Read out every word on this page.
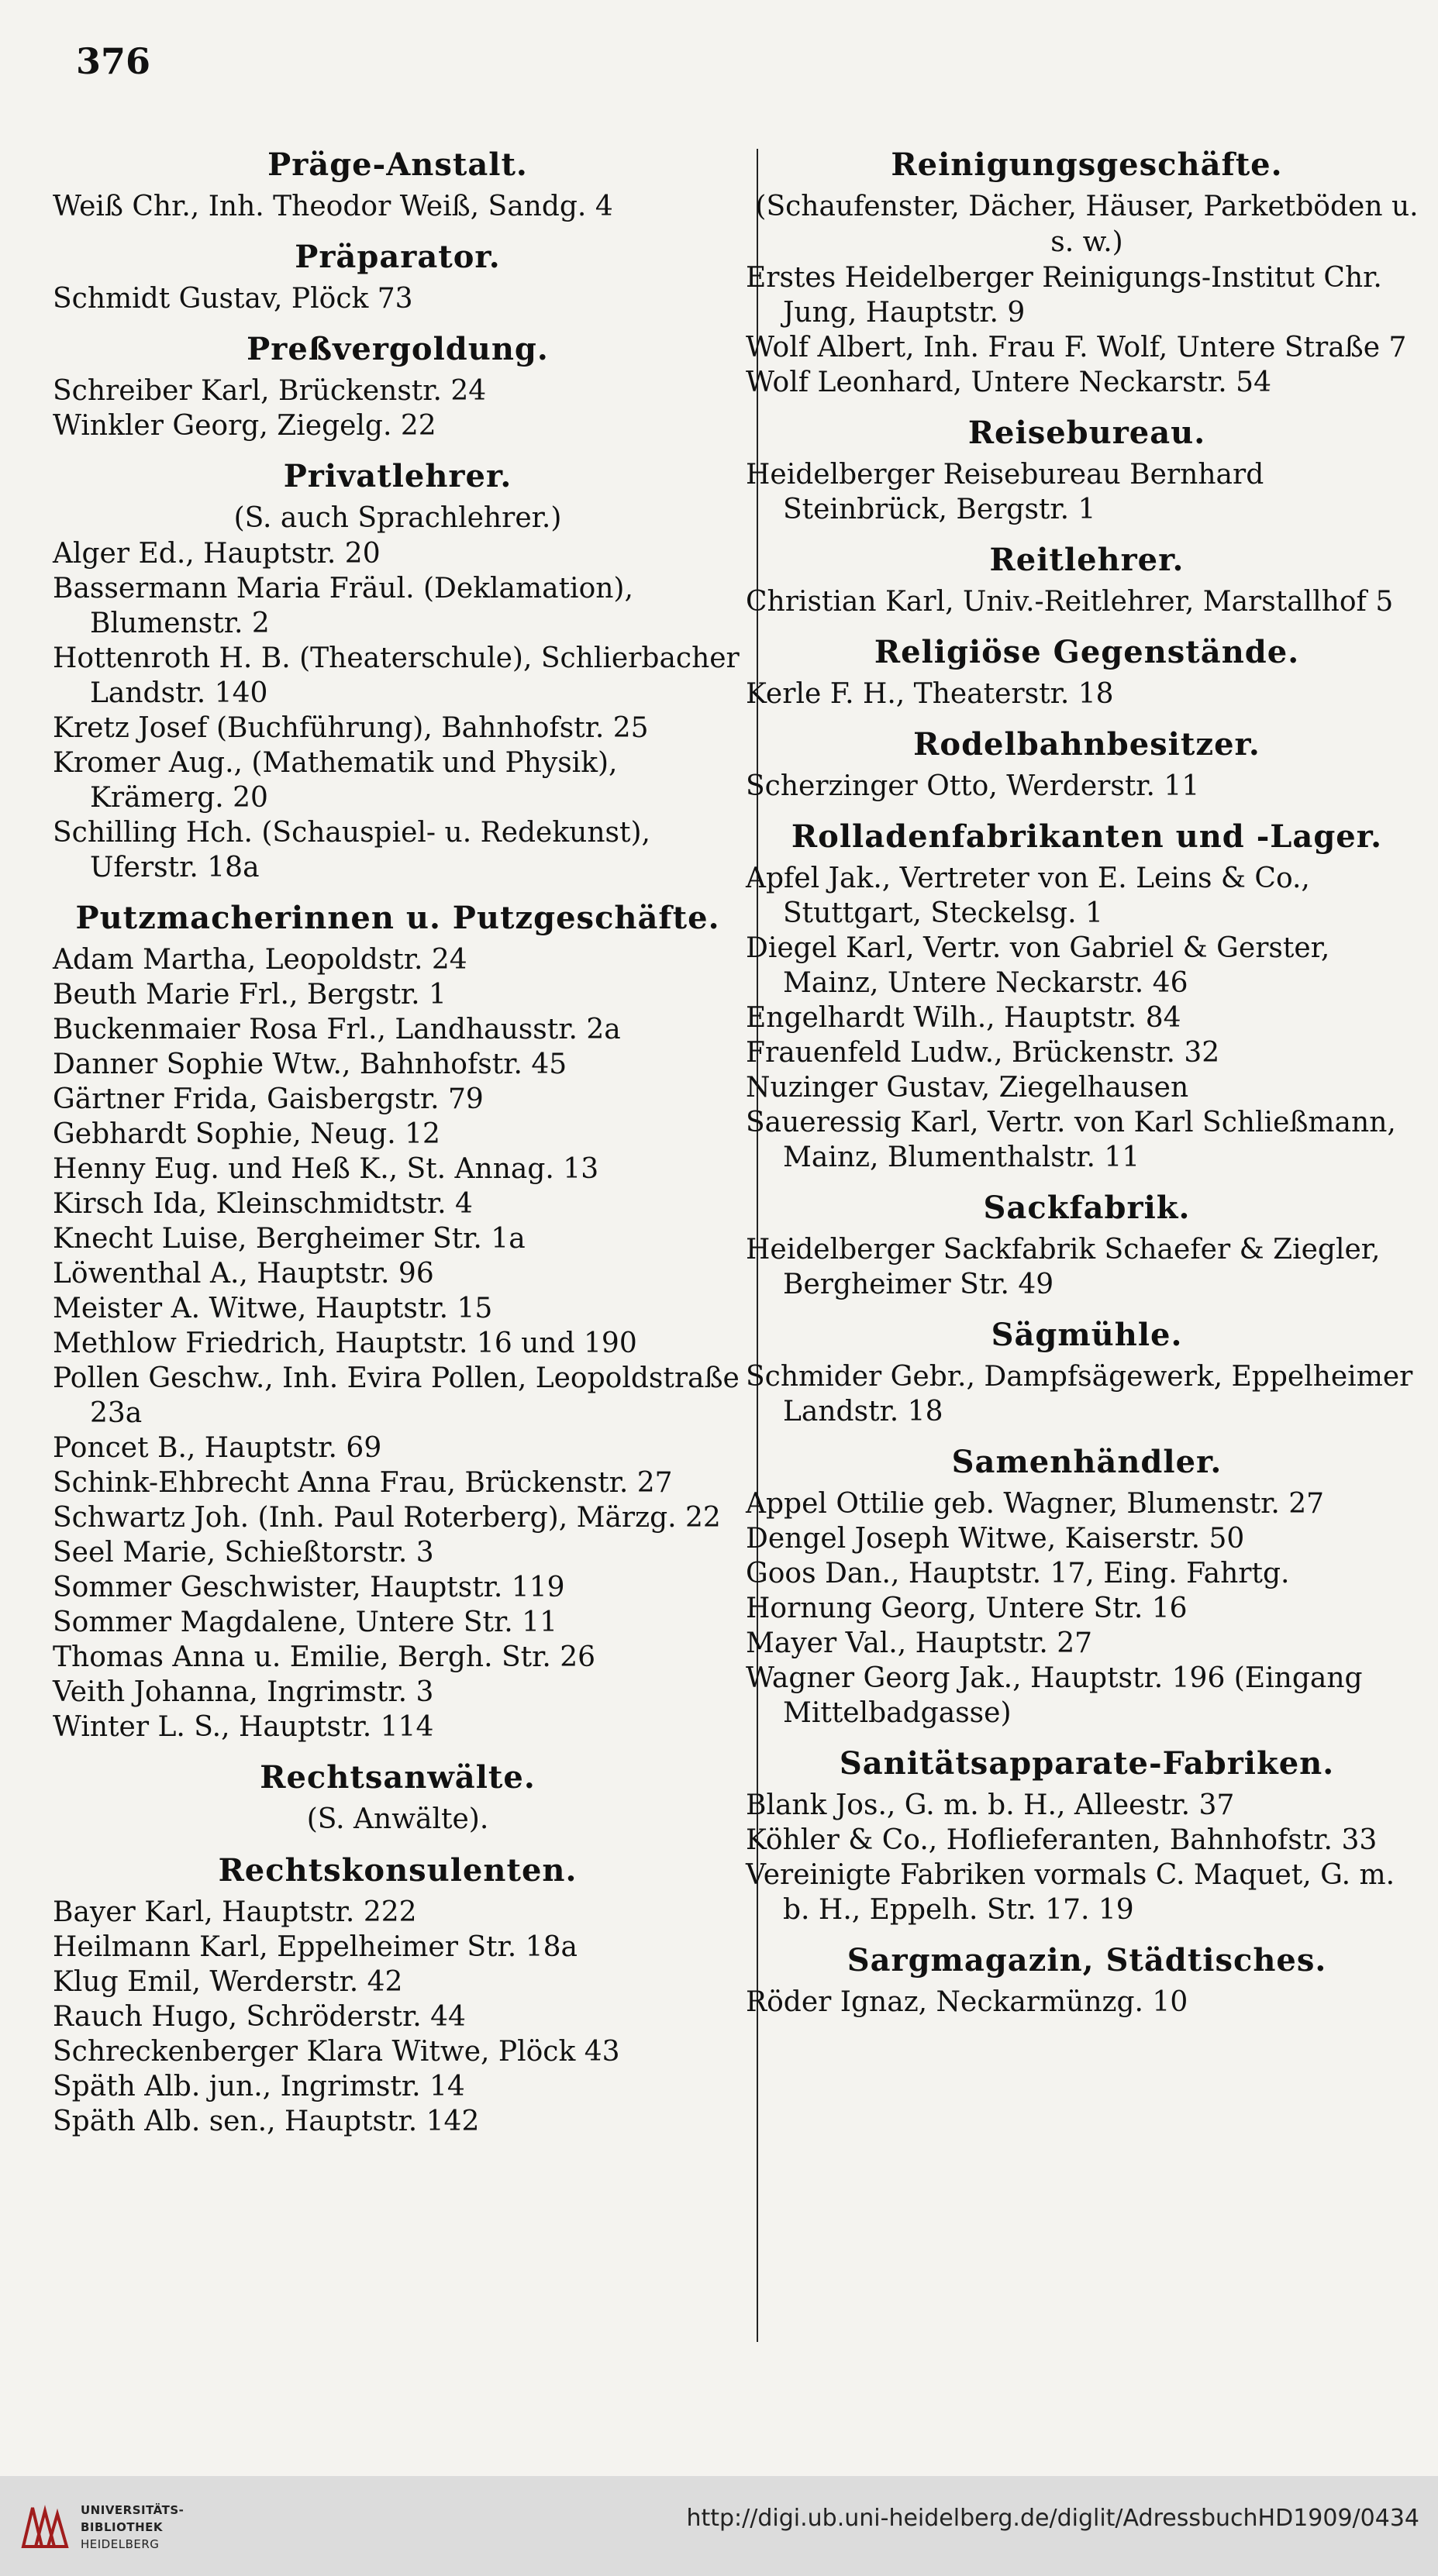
376
Präge-Anstalt.
Weiß Chr., Inh. Theodor Weiß, Sandg. 4
Präparator.
Schmidt Gustav, Plöck 73
Preßvergoldung.
Schreiber Karl, Brückenstr. 24
Winkler Georg, Ziegelg. 22
Privatlehrer.
(S. auch Sprachlehrer.)
Alger Ed., Hauptstr. 20
Bassermann Maria Fräul. (Deklamation), Blumenstr. 2
Hottenroth H. B. (Theaterschule), Schlierbacher Landstr. 140
Kretz Josef (Buchführung), Bahnhofstr. 25
Kromer Aug., (Mathematik und Physik), Krämerg. 20
Schilling Hch. (Schauspiel- u. Redekunst), Uferstr. 18a
Putzmacherinnen u. Putzgeschäfte.
Adam Martha, Leopoldstr. 24
Beuth Marie Frl., Bergstr. 1
Buckenmaier Rosa Frl., Landhausstr. 2a
Danner Sophie Wtw., Bahnhofstr. 45
Gärtner Frida, Gaisbergstr. 79
Gebhardt Sophie, Neug. 12
Henny Eug. und Heß K., St. Annag. 13
Kirsch Ida, Kleinschmidtstr. 4
Knecht Luise, Bergheimer Str. 1a
Löwenthal A., Hauptstr. 96
Meister A. Witwe, Hauptstr. 15
Methlow Friedrich, Hauptstr. 16 und 190
Pollen Geschw., Inh. Evira Pollen, Leopoldstraße 23a
Poncet B., Hauptstr. 69
Schink-Ehbrecht Anna Frau, Brückenstr. 27
Schwartz Joh. (Inh. Paul Roterberg), Märzg. 22
Seel Marie, Schießtorstr. 3
Sommer Geschwister, Hauptstr. 119
Sommer Magdalene, Untere Str. 11
Thomas Anna u. Emilie, Bergh. Str. 26
Veith Johanna, Ingrimstr. 3
Winter L. S., Hauptstr. 114
Rechtsanwälte.
(S. Anwälte).
Rechtskonsulenten.
Bayer Karl, Hauptstr. 222
Heilmann Karl, Eppelheimer Str. 18a
Klug Emil, Werderstr. 42
Rauch Hugo, Schröderstr. 44
Schreckenberger Klara Witwe, Plöck 43
Späth Alb. jun., Ingrimstr. 14
Späth Alb. sen., Hauptstr. 142
Reinigungsgeschäfte.
(Schaufenster, Dächer, Häuser, Parketböden u. s. w.)
Erstes Heidelberger Reinigungs-Institut Chr. Jung, Hauptstr. 9
Wolf Albert, Inh. Frau F. Wolf, Untere Straße 7
Wolf Leonhard, Untere Neckarstr. 54
Reisebureau.
Heidelberger Reisebureau Bernhard Steinbrück, Bergstr. 1
Reitlehrer.
Christian Karl, Univ.-Reitlehrer, Marstallhof 5
Religiöse Gegenstände.
Kerle F. H., Theaterstr. 18
Rodelbahnbesitzer.
Scherzinger Otto, Werderstr. 11
Rolladenfabrikanten und -Lager.
Apfel Jak., Vertreter von E. Leins & Co., Stuttgart, Steckelsg. 1
Diegel Karl, Vertr. von Gabriel & Gerster, Mainz, Untere Neckarstr. 46
Engelhardt Wilh., Hauptstr. 84
Frauenfeld Ludw., Brückenstr. 32
Nuzinger Gustav, Ziegelhausen
Saueressig Karl, Vertr. von Karl Schließmann, Mainz, Blumenthalstr. 11
Sackfabrik.
Heidelberger Sackfabrik Schaefer & Ziegler, Bergheimer Str. 49
Sägmühle.
Schmider Gebr., Dampfsägewerk, Eppelheimer Landstr. 18
Samenhändler.
Appel Ottilie geb. Wagner, Blumenstr. 27
Dengel Joseph Witwe, Kaiserstr. 50
Goos Dan., Hauptstr. 17, Eing. Fahrtg.
Hornung Georg, Untere Str. 16
Mayer Val., Hauptstr. 27
Wagner Georg Jak., Hauptstr. 196 (Eingang Mittelbadgasse)
Sanitätsapparate-Fabriken.
Blank Jos., G. m. b. H., Alleestr. 37
Köhler & Co., Hoflieferanten, Bahnhofstr. 33
Vereinigte Fabriken vormals C. Maquet, G. m. b. H., Eppelh. Str. 17. 19
Sargmagazin, Städtisches.
Röder Ignaz, Neckarmünzg. 10
UNIVERSITÄTS-
BIBLIOTHEK
HEIDELBERG
http://digi.ub.uni-heidelberg.de/diglit/AdressbuchHD1909/0434
